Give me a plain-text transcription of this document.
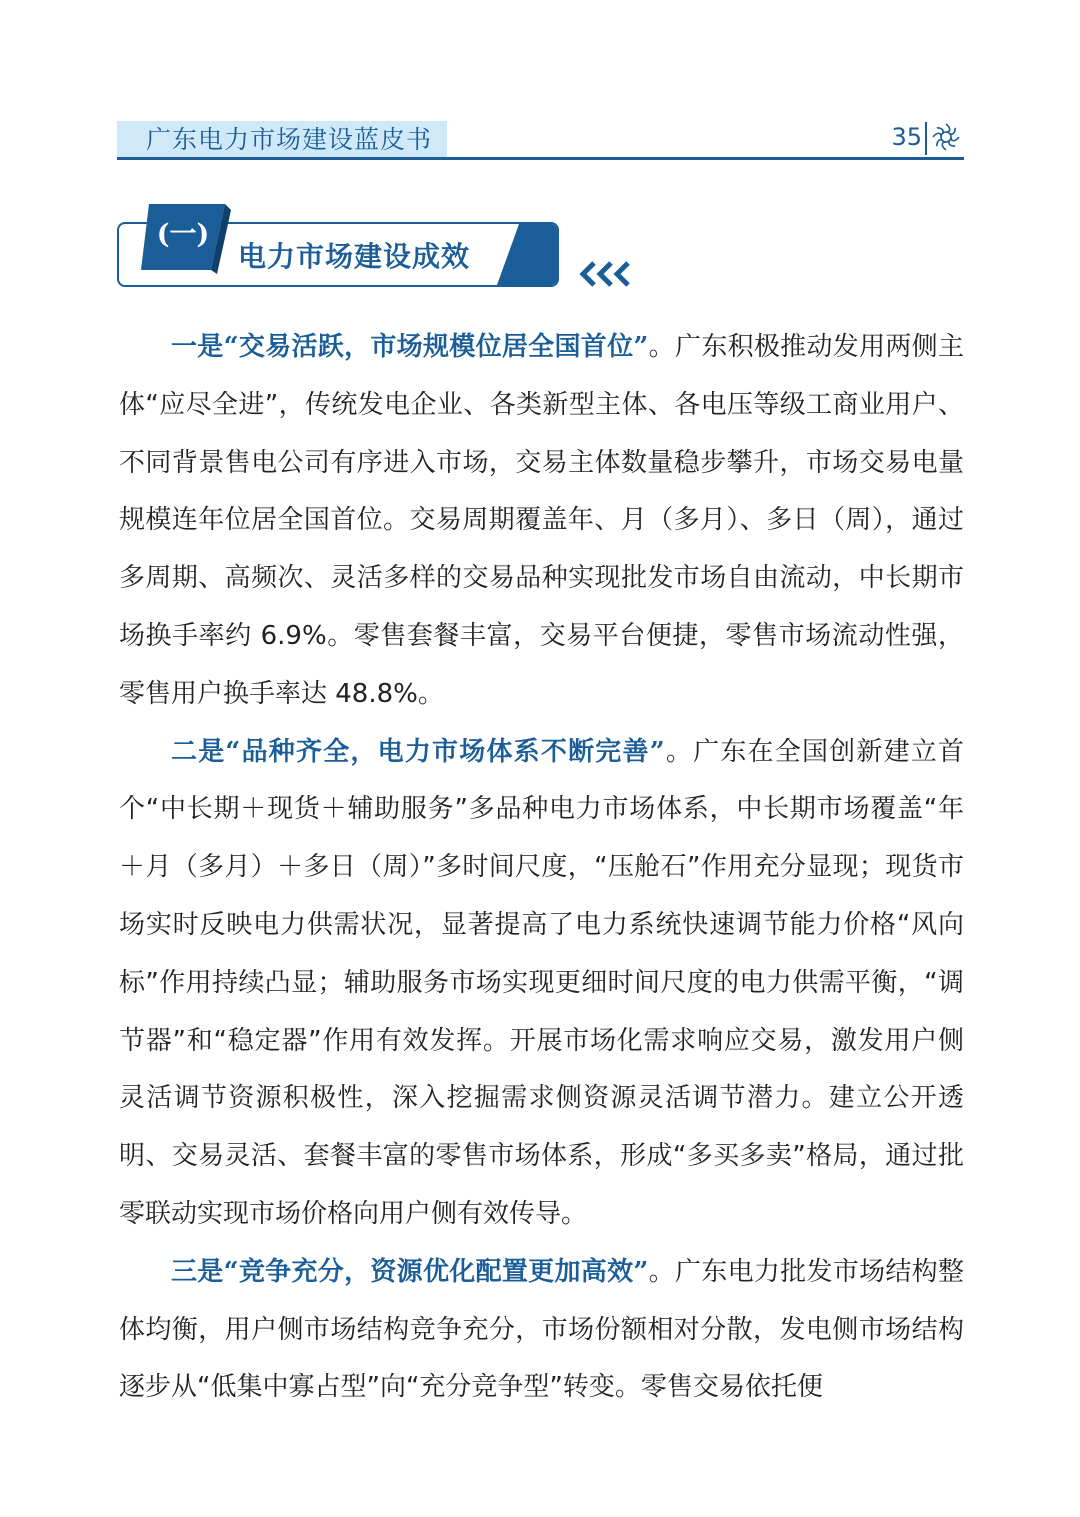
广东电力市场建设蓝皮书	35
(一)
电力市场建设成效

一是“交易活跃，市场规模位居全国首位”。广东积极推动发用两侧主体“应尽全进”，传统发电企业、各类新型主体、各电压等级工商业用户、不同背景售电公司有序进入市场，交易主体数量稳步攀升，市场交易电量规模连年位居全国首位。交易周期覆盖年、月（多月）、多日（周），通过多周期、高频次、灵活多样的交易品种实现批发市场自由流动，中长期市场换手率约 6.9%。零售套餐丰富，交易平台便捷，零售市场流动性强，零售用户换手率达 48.8%。

二是“品种齐全，电力市场体系不断完善”。广东在全国创新建立首个“中长期＋现货＋辅助服务”多品种电力市场体系，中长期市场覆盖“年＋月（多月）＋多日（周）”多时间尺度，“压舱石”作用充分显现；现货市场实时反映电力供需状况，显著提高了电力系统快速调节能力价格“风向标”作用持续凸显；辅助服务市场实现更细时间尺度的电力供需平衡，“调节器”和“稳定器”作用有效发挥。开展市场化需求响应交易，激发用户侧灵活调节资源积极性，深入挖掘需求侧资源灵活调节潜力。建立公开透明、交易灵活、套餐丰富的零售市场体系，形成“多买多卖”格局，通过批零联动实现市场价格向用户侧有效传导。

三是“竞争充分，资源优化配置更加高效”。广东电力批发市场结构整体均衡，用户侧市场结构竞争充分，市场份额相对分散，发电侧市场结构逐步从“低集中寡占型”向“充分竞争型”转变。零售交易依托便
